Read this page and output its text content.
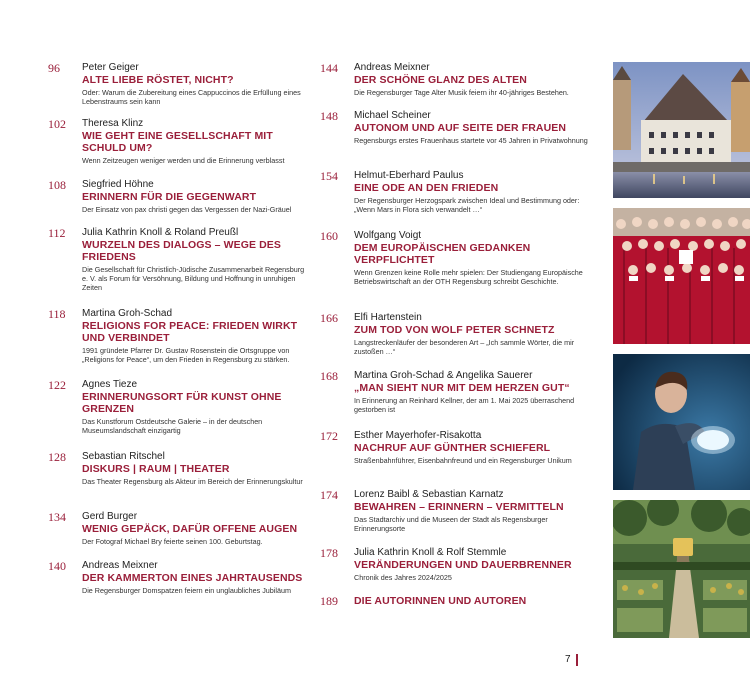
96	Peter Geiger
ALTE LIEBE RÖSTET, NICHT?
Oder: Warum die Zubereitung eines Cappuccinos die Erfüllung eines Lebenstraums sein kann
102	Theresa Klinz
WIE GEHT EINE GESELLSCHAFT MIT SCHULD UM?
Wenn Zeitzeugen weniger werden und die Erinnerung verblasst
108	Siegfried Höhne
ERINNERN FÜR DIE GEGENWART
Der Einsatz von pax christi gegen das Vergessen der Nazi-Gräuel
112	Julia Kathrin Knoll & Roland Preußl
WURZELN DES DIALOGS – WEGE DES FRIEDENS
Die Gesellschaft für Christlich-Jüdische Zusammenarbeit Regensburg e. V. als Forum für Versöhnung, Bildung und Hoffnung in unruhigen Zeiten
118	Martina Groh-Schad
RELIGIONS FOR PEACE: FRIEDEN WIRKT UND VERBINDET
1991 gründete Pfarrer Dr. Gustav Rosenstein die Ortsgruppe von „Religions for Peace“, um den Frieden in Regensburg zu stärken.
122	Agnes Tieze
ERINNERUNGSORT FÜR KUNST OHNE GRENZEN
Das Kunstforum Ostdeutsche Galerie – in der deutschen Museumslandschaft einzigartig
128	Sebastian Ritschel
DISKURS | RAUM | THEATER
Das Theater Regensburg als Akteur im Bereich der Erinnerungskultur
134	Gerd Burger
WENIG GEPÄCK, DAFÜR OFFENE AUGEN
Der Fotograf Michael Bry feierte seinen 100. Geburtstag.
140	Andreas Meixner
DER KAMMERTON EINES JAHRTAUSENDS
Die Regensburger Domspatzen feiern ein unglaubliches Jubiläum
144	Andreas Meixner
DER SCHÖNE GLANZ DES ALTEN
Die Regensburger Tage Alter Musik feiern ihr 40-jähriges Bestehen.
148	Michael Scheiner
AUTONOM UND AUF SEITE DER FRAUEN
Regensburgs erstes Frauenhaus startete vor 45 Jahren in Privatwohnung
154	Helmut-Eberhard Paulus
EINE ODE AN DEN FRIEDEN
Der Regensburger Herzogspark zwischen Ideal und Bestimmung oder: „Wenn Mars in Flora sich verwandelt …“
160	Wolfgang Voigt
DEM EUROPÄISCHEN GEDANKEN VERPFLICHTET
Wenn Grenzen keine Rolle mehr spielen: Der Studiengang Europäische Betriebswirtschaft an der OTH Regensburg schreibt Geschichte.
166	Elfi Hartenstein
ZUM TOD VON WOLF PETER SCHNETZ
Langstreckenläufer der besonderen Art – „Ich sammle Wörter, die mir zustoßen …“
168	Martina Groh-Schad & Angelika Sauerer
„MAN SIEHT NUR MIT DEM HERZEN GUT“
In Erinnerung an Reinhard Kellner, der am 1. Mai 2025 überraschend gestorben ist
172	Esther Mayerhofer-Risakotta
NACHRUF AUF GÜNTHER SCHIEFERL
Straßenbahnführer, Eisenbahnfreund und ein Regensburger Unikum
174	Lorenz Baibl & Sebastian Karnatz
BEWAHREN – ERINNERN – VERMITTELN
Das Stadtarchiv und die Museen der Stadt als Regensburger Erinnerungsorte
178	Julia Kathrin Knoll & Rolf Stemmle
VERÄNDERUNGEN UND DAUERBRENNER
Chronik des Jahres 2024/2025
189	DIE AUTORINNEN UND AUTOREN
7
